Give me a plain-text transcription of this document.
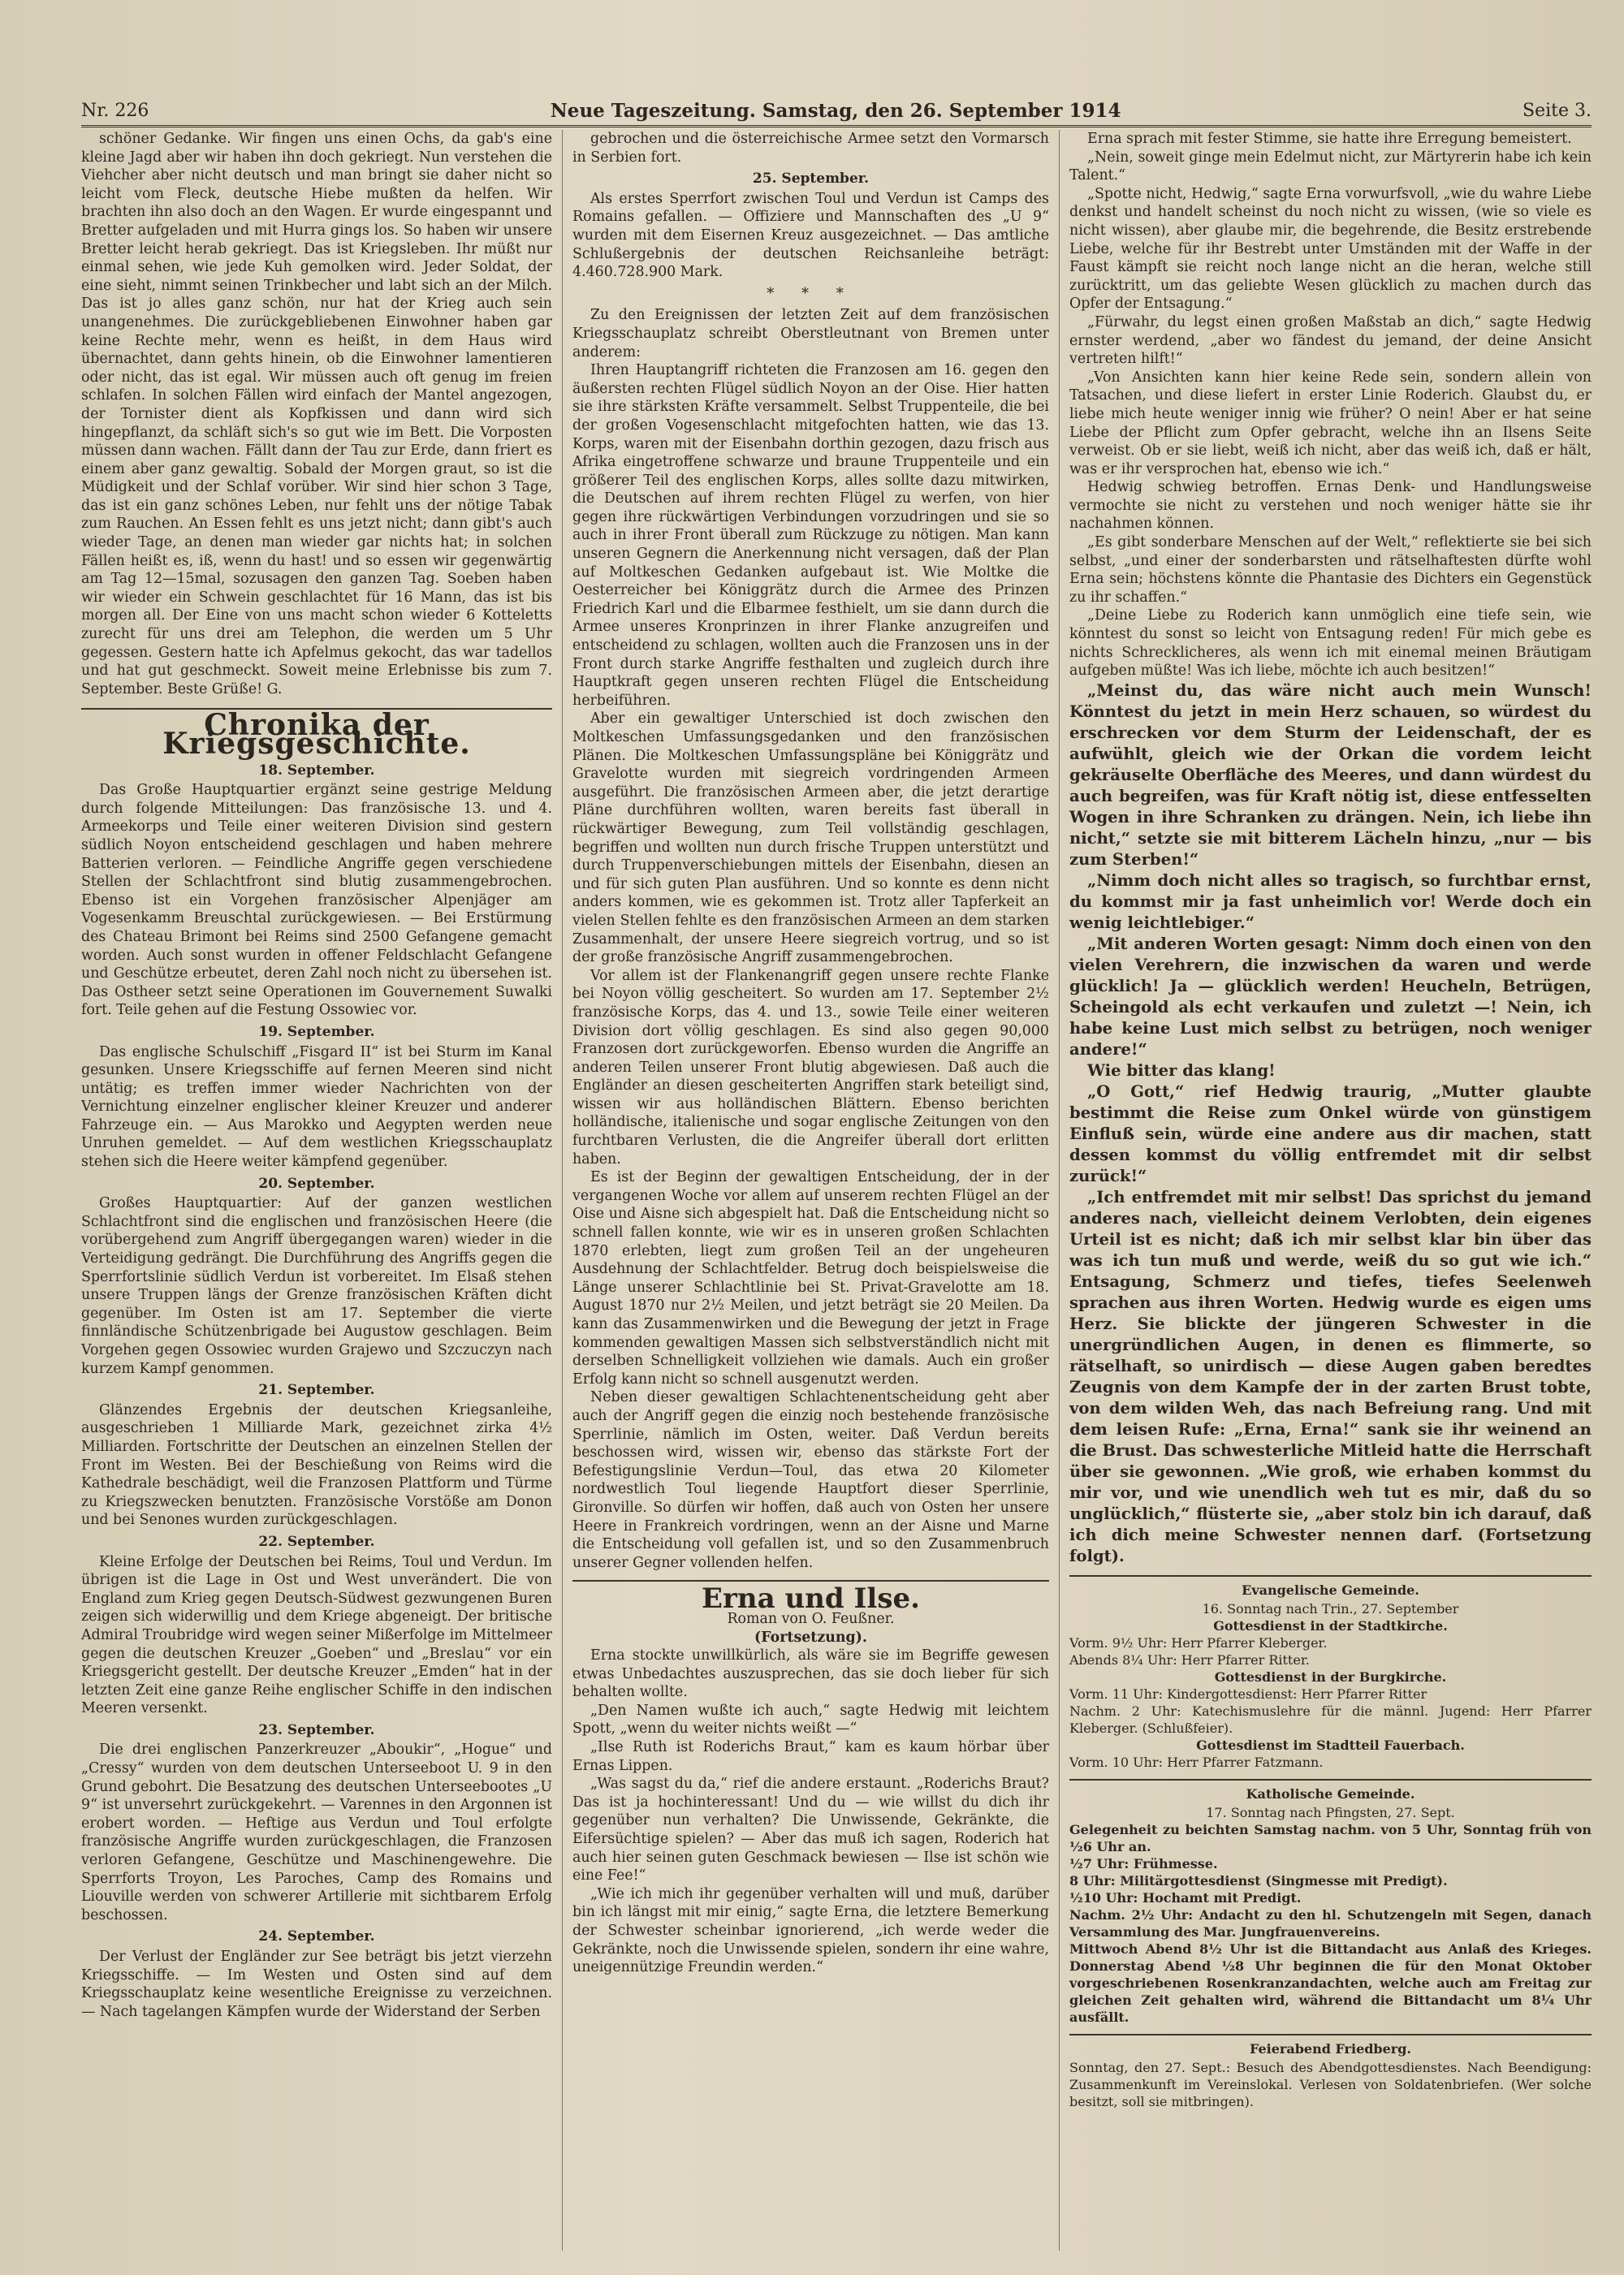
Nr. 226	Neue Tageszeitung. Samstag, den 26. September 1914	Seite 3.

schöner Gedanke. Wir fingen uns einen Ochs, da gab's eine kleine Jagd aber wir haben ihn doch gekriegt. Nun verstehen die Viehcher aber nicht deutsch und man bringt sie daher nicht so leicht vom Fleck, deutsche Hiebe mußten da helfen. Wir brachten ihn also doch an den Wagen. Er wurde eingespannt und Bretter aufgeladen und mit Hurra gings los. So haben wir unsere Bretter leicht herab gekriegt. Das ist Kriegsleben. Ihr müßt nur einmal sehen, wie jede Kuh gemolken wird. Jeder Soldat, der eine sieht, nimmt seinen Trinkbecher und labt sich an der Milch. Das ist jo alles ganz schön, nur hat der Krieg auch sein unangenehmes. Die zurückgebliebenen Einwohner haben gar keine Rechte mehr, wenn es heißt, in dem Haus wird übernachtet, dann gehts hinein, ob die Einwohner lamentieren oder nicht, das ist egal. Wir müssen auch oft genug im freien schlafen. In solchen Fällen wird einfach der Mantel angezogen, der Tornister dient als Kopfkissen und dann wird sich hingepflanzt, da schläft sich's so gut wie im Bett. Die Vorposten müssen dann wachen. Fällt dann der Tau zur Erde, dann friert es einem aber ganz gewaltig. Sobald der Morgen graut, so ist die Müdigkeit und der Schlaf vorüber. Wir sind hier schon 3 Tage, das ist ein ganz schönes Leben, nur fehlt uns der nötige Tabak zum Rauchen. An Essen fehlt es uns jetzt nicht; dann gibt's auch wieder Tage, an denen man wieder gar nichts hat; in solchen Fällen heißt es, iß, wenn du hast! und so essen wir gegenwärtig am Tag 12—15mal, sozusagen den ganzen Tag. Soeben haben wir wieder ein Schwein geschlachtet für 16 Mann, das ist bis morgen all. Der Eine von uns macht schon wieder 6 Kotteletts zurecht für uns drei am Telephon, die werden um 5 Uhr gegessen. Gestern hatte ich Apfelmus gekocht, das war tadellos und hat gut geschmeckt. Soweit meine Erlebnisse bis zum 7. September. Beste Grüße! G.

Chronika der Kriegsgeschichte.
18. September.

Das Große Hauptquartier ergänzt seine gestrige Meldung durch folgende Mitteilungen: Das französische 13. und 4. Armeekorps und Teile einer weiteren Division sind gestern südlich Noyon entscheidend geschlagen und haben mehrere Batterien verloren. — Feindliche Angriffe gegen verschiedene Stellen der Schlachtfront sind blutig zusammengebrochen. Ebenso ist ein Vorgehen französischer Alpenjäger am Vogesenkamm Breuschtal zurückgewiesen. — Bei Erstürmung des Chateau Brimont bei Reims sind 2500 Gefangene gemacht worden. Auch sonst wurden in offener Feldschlacht Gefangene und Geschütze erbeutet, deren Zahl noch nicht zu übersehen ist. Das Ostheer setzt seine Operationen im Gouvernement Suwalki fort. Teile gehen auf die Festung Ossowiec vor.

19. September.

Das englische Schulschiff „Fisgard II“ ist bei Sturm im Kanal gesunken. Unsere Kriegsschiffe auf fernen Meeren sind nicht untätig; es treffen immer wieder Nachrichten von der Vernichtung einzelner englischer kleiner Kreuzer und anderer Fahrzeuge ein. — Aus Marokko und Aegypten werden neue Unruhen gemeldet. — Auf dem westlichen Kriegsschauplatz stehen sich die Heere weiter kämpfend gegenüber.

20. September.

Großes Hauptquartier: Auf der ganzen westlichen Schlachtfront sind die englischen und französischen Heere (die vorübergehend zum Angriff übergegangen waren) wieder in die Verteidigung gedrängt. Die Durchführung des Angriffs gegen die Sperrfortslinie südlich Verdun ist vorbereitet. Im Elsaß stehen unsere Truppen längs der Grenze französischen Kräften dicht gegenüber. Im Osten ist am 17. September die vierte finnländische Schützenbrigade bei Augustow geschlagen. Beim Vorgehen gegen Ossowiec wurden Grajewo und Szczuczyn nach kurzem Kampf genommen.

21. September.

Glänzendes Ergebnis der deutschen Kriegsanleihe, ausgeschrieben 1 Milliarde Mark, gezeichnet zirka 4½ Milliarden. Fortschritte der Deutschen an einzelnen Stellen der Front im Westen. Bei der Beschießung von Reims wird die Kathedrale beschädigt, weil die Franzosen Plattform und Türme zu Kriegszwecken benutzten. Französische Vorstöße am Donon und bei Senones wurden zurückgeschlagen.

22. September.

Kleine Erfolge der Deutschen bei Reims, Toul und Verdun. Im übrigen ist die Lage in Ost und West unverändert. Die von England zum Krieg gegen Deutsch-Südwest gezwungenen Buren zeigen sich widerwillig und dem Kriege abgeneigt. Der britische Admiral Troubridge wird wegen seiner Mißerfolge im Mittelmeer gegen die deutschen Kreuzer „Goeben“ und „Breslau“ vor ein Kriegsgericht gestellt. Der deutsche Kreuzer „Emden“ hat in der letzten Zeit eine ganze Reihe englischer Schiffe in den indischen Meeren versenkt.

23. September.

Die drei englischen Panzerkreuzer „Aboukir“, „Hogue“ und „Cressy“ wurden von dem deutschen Unterseeboot U. 9 in den Grund gebohrt. Die Besatzung des deutschen Unterseebootes „U 9“ ist unversehrt zurückgekehrt. — Varennes in den Argonnen ist erobert worden. — Heftige aus Verdun und Toul erfolgte französische Angriffe wurden zurückgeschlagen, die Franzosen verloren Gefangene, Geschütze und Maschinengewehre. Die Sperrforts Troyon, Les Paroches, Camp des Romains und Liouville werden von schwerer Artillerie mit sichtbarem Erfolg beschossen.

24. September.

Der Verlust der Engländer zur See beträgt bis jetzt vierzehn Kriegsschiffe. — Im Westen und Osten sind auf dem Kriegsschauplatz keine wesentliche Ereignisse zu verzeichnen. — Nach tagelangen Kämpfen wurde der Widerstand der Serben

gebrochen und die österreichische Armee setzt den Vormarsch in Serbien fort.

25. September.

Als erstes Sperrfort zwischen Toul und Verdun ist Camps des Romains gefallen. — Offiziere und Mannschaften des „U 9“ wurden mit dem Eisernen Kreuz ausgezeichnet. — Das amtliche Schlußergebnis der deutschen Reichsanleihe beträgt: 4.460.728.900 Mark.

* * *

Zu den Ereignissen der letzten Zeit auf dem französischen Kriegsschauplatz schreibt Oberstleutnant von Bremen unter anderem:

Ihren Hauptangriff richteten die Franzosen am 16. gegen den äußersten rechten Flügel südlich Noyon an der Oise. Hier hatten sie ihre stärksten Kräfte versammelt. Selbst Truppenteile, die bei der großen Vogesenschlacht mitgefochten hatten, wie das 13. Korps, waren mit der Eisenbahn dorthin gezogen, dazu frisch aus Afrika eingetroffene schwarze und braune Truppenteile und ein größerer Teil des englischen Korps, alles sollte dazu mitwirken, die Deutschen auf ihrem rechten Flügel zu werfen, von hier gegen ihre rückwärtigen Verbindungen vorzudringen und sie so auch in ihrer Front überall zum Rückzuge zu nötigen. Man kann unseren Gegnern die Anerkennung nicht versagen, daß der Plan auf Moltkeschen Gedanken aufgebaut ist. Wie Moltke die Oesterreicher bei Königgrätz durch die Armee des Prinzen Friedrich Karl und die Elbarmee festhielt, um sie dann durch die Armee unseres Kronprinzen in ihrer Flanke anzugreifen und entscheidend zu schlagen, wollten auch die Franzosen uns in der Front durch starke Angriffe festhalten und zugleich durch ihre Hauptkraft gegen unseren rechten Flügel die Entscheidung herbeiführen.

Aber ein gewaltiger Unterschied ist doch zwischen den Moltkeschen Umfassungsgedanken und den französischen Plänen. Die Moltkeschen Umfassungspläne bei Königgrätz und Gravelotte wurden mit siegreich vordringenden Armeen ausgeführt. Die französischen Armeen aber, die jetzt derartige Pläne durchführen wollten, waren bereits fast überall in rückwärtiger Bewegung, zum Teil vollständig geschlagen, begriffen und wollten nun durch frische Truppen unterstützt und durch Truppenverschiebungen mittels der Eisenbahn, diesen an und für sich guten Plan ausführen. Und so konnte es denn nicht anders kommen, wie es gekommen ist. Trotz aller Tapferkeit an vielen Stellen fehlte es den französischen Armeen an dem starken Zusammenhalt, der unsere Heere siegreich vortrug, und so ist der große französische Angriff zusammengebrochen.

Vor allem ist der Flankenangriff gegen unsere rechte Flanke bei Noyon völlig gescheitert. So wurden am 17. September 2½ französische Korps, das 4. und 13., sowie Teile einer weiteren Division dort völlig geschlagen. Es sind also gegen 90,000 Franzosen dort zurückgeworfen. Ebenso wurden die Angriffe an anderen Teilen unserer Front blutig abgewiesen. Daß auch die Engländer an diesen gescheiterten Angriffen stark beteiligt sind, wissen wir aus holländischen Blättern. Ebenso berichten holländische, italienische und sogar englische Zeitungen von den furchtbaren Verlusten, die die Angreifer überall dort erlitten haben.

Es ist der Beginn der gewaltigen Entscheidung, der in der vergangenen Woche vor allem auf unserem rechten Flügel an der Oise und Aisne sich abgespielt hat. Daß die Entscheidung nicht so schnell fallen konnte, wie wir es in unseren großen Schlachten 1870 erlebten, liegt zum großen Teil an der ungeheuren Ausdehnung der Schlachtfelder. Betrug doch beispielsweise die Länge unserer Schlachtlinie bei St. Privat-Gravelotte am 18. August 1870 nur 2½ Meilen, und jetzt beträgt sie 20 Meilen. Da kann das Zusammenwirken und die Bewegung der jetzt in Frage kommenden gewaltigen Massen sich selbstverständlich nicht mit derselben Schnelligkeit vollziehen wie damals. Auch ein großer Erfolg kann nicht so schnell ausgenutzt werden.

Neben dieser gewaltigen Schlachtenentscheidung geht aber auch der Angriff gegen die einzig noch bestehende französische Sperrlinie, nämlich im Osten, weiter. Daß Verdun bereits beschossen wird, wissen wir, ebenso das stärkste Fort der Befestigungslinie Verdun—Toul, das etwa 20 Kilometer nordwestlich Toul liegende Hauptfort dieser Sperrlinie, Gironville. So dürfen wir hoffen, daß auch von Osten her unsere Heere in Frankreich vordringen, wenn an der Aisne und Marne die Entscheidung voll gefallen ist, und so den Zusammenbruch unserer Gegner vollenden helfen.

Erna und Ilse.

Roman von O. Feußner.

(Fortsetzung).

Erna stockte unwillkürlich, als wäre sie im Begriffe gewesen etwas Unbedachtes auszusprechen, das sie doch lieber für sich behalten wollte.

„Den Namen wußte ich auch,“ sagte Hedwig mit leichtem Spott, „wenn du weiter nichts weißt —“

„Ilse Ruth ist Roderichs Braut,“ kam es kaum hörbar über Ernas Lippen.

„Was sagst du da,“ rief die andere erstaunt. „Roderichs Braut? Das ist ja hochinteressant! Und du — wie willst du dich ihr gegenüber nun verhalten? Die Unwissende, Gekränkte, die Eifersüchtige spielen? — Aber das muß ich sagen, Roderich hat auch hier seinen guten Geschmack bewiesen — Ilse ist schön wie eine Fee!“

„Wie ich mich ihr gegenüber verhalten will und muß, darüber bin ich längst mit mir einig,“ sagte Erna, die letztere Bemerkung der Schwester scheinbar ignorierend, „ich werde weder die Gekränkte, noch die Unwissende spielen, sondern ihr eine wahre, uneigennützige Freundin werden.“

Erna sprach mit fester Stimme, sie hatte ihre Erregung bemeistert.

„Nein, soweit ginge mein Edelmut nicht, zur Märtyrerin habe ich kein Talent.“

„Spotte nicht, Hedwig,“ sagte Erna vorwurfsvoll, „wie du wahre Liebe denkst und handelt scheinst du noch nicht zu wissen, (wie so viele es nicht wissen), aber glaube mir, die begehrende, die Besitz erstrebende Liebe, welche für ihr Bestrebt unter Umständen mit der Waffe in der Faust kämpft sie reicht noch lange nicht an die heran, welche still zurücktritt, um das geliebte Wesen glücklich zu machen durch das Opfer der Entsagung.“

„Fürwahr, du legst einen großen Maßstab an dich,“ sagte Hedwig ernster werdend, „aber wo fändest du jemand, der deine Ansicht vertreten hilft!“

„Von Ansichten kann hier keine Rede sein, sondern allein von Tatsachen, und diese liefert in erster Linie Roderich. Glaubst du, er liebe mich heute weniger innig wie früher? O nein! Aber er hat seine Liebe der Pflicht zum Opfer gebracht, welche ihn an Ilsens Seite verweist. Ob er sie liebt, weiß ich nicht, aber das weiß ich, daß er hält, was er ihr versprochen hat, ebenso wie ich.“

Hedwig schwieg betroffen. Ernas Denk- und Handlungsweise vermochte sie nicht zu verstehen und noch weniger hätte sie ihr nachahmen können.

„Es gibt sonderbare Menschen auf der Welt,“ reflektierte sie bei sich selbst, „und einer der sonderbarsten und rätselhaftesten dürfte wohl Erna sein; höchstens könnte die Phantasie des Dichters ein Gegenstück zu ihr schaffen.“

„Deine Liebe zu Roderich kann unmöglich eine tiefe sein, wie könntest du sonst so leicht von Entsagung reden! Für mich gebe es nichts Schrecklicheres, als wenn ich mit einemal meinen Bräutigam aufgeben müßte! Was ich liebe, möchte ich auch besitzen!“

„Meinst du, das wäre nicht auch mein Wunsch! Könntest du jetzt in mein Herz schauen, so würdest du erschrecken vor dem Sturm der Leidenschaft, der es aufwühlt, gleich wie der Orkan die vordem leicht gekräuselte Oberfläche des Meeres, und dann würdest du auch begreifen, was für Kraft nötig ist, diese entfesselten Wogen in ihre Schranken zu drängen. Nein, ich liebe ihn nicht,“ setzte sie mit bitterem Lächeln hinzu, „nur — bis zum Sterben!“

„Nimm doch nicht alles so tragisch, so furchtbar ernst, du kommst mir ja fast unheimlich vor! Werde doch ein wenig leichtlebiger.“

„Mit anderen Worten gesagt: Nimm doch einen von den vielen Verehrern, die inzwischen da waren und werde glücklich! Ja — glücklich werden! Heucheln, Betrügen, Scheingold als echt verkaufen und zuletzt —! Nein, ich habe keine Lust mich selbst zu betrügen, noch weniger andere!“

Wie bitter das klang!

„O Gott,“ rief Hedwig traurig, „Mutter glaubte bestimmt die Reise zum Onkel würde von günstigem Einfluß sein, würde eine andere aus dir machen, statt dessen kommst du völlig entfremdet mit dir selbst zurück!“

„Ich entfremdet mit mir selbst! Das sprichst du jemand anderes nach, vielleicht deinem Verlobten, dein eigenes Urteil ist es nicht; daß ich mir selbst klar bin über das was ich tun muß und werde, weiß du so gut wie ich.“ Entsagung, Schmerz und tiefes, tiefes Seelenweh sprachen aus ihren Worten. Hedwig wurde es eigen ums Herz. Sie blickte der jüngeren Schwester in die unergründlichen Augen, in denen es flimmerte, so rätselhaft, so unirdisch — diese Augen gaben beredtes Zeugnis von dem Kampfe der in der zarten Brust tobte, von dem wilden Weh, das nach Befreiung rang. Und mit dem leisen Rufe: „Erna, Erna!“ sank sie ihr weinend an die Brust. Das schwesterliche Mitleid hatte die Herrschaft über sie gewonnen. „Wie groß, wie erhaben kommst du mir vor, und wie unendlich weh tut es mir, daß du so unglücklich,“ flüsterte sie, „aber stolz bin ich darauf, daß ich dich meine Schwester nennen darf. (Fortsetzung folgt).

Evangelische Gemeinde.

16. Sonntag nach Trin., 27. September

Gottesdienst in der Stadtkirche.

Vorm. 9½ Uhr: Herr Pfarrer Kleberger.

Abends 8¼ Uhr: Herr Pfarrer Ritter.

Gottesdienst in der Burgkirche.

Vorm. 11 Uhr: Kindergottesdienst: Herr Pfarrer Ritter

Nachm. 2 Uhr: Katechismuslehre für die männl. Jugend: Herr Pfarrer Kleberger. (Schlußfeier).

Gottesdienst im Stadtteil Fauerbach.

Vorm. 10 Uhr: Herr Pfarrer Fatzmann.

Katholische Gemeinde.

17. Sonntag nach Pfingsten, 27. Sept.

Gelegenheit zu beichten Samstag nachm. von 5 Uhr, Sonntag früh von ½6 Uhr an.

½7 Uhr: Frühmesse.

8 Uhr: Militärgottesdienst (Singmesse mit Predigt).

½10 Uhr: Hochamt mit Predigt.

Nachm. 2½ Uhr: Andacht zu den hl. Schutzengeln mit Segen, danach Versammlung des Mar. Jungfrauenvereins.

Mittwoch Abend 8½ Uhr ist die Bittandacht aus Anlaß des Krieges. Donnerstag Abend ½8 Uhr beginnen die für den Monat Oktober vorgeschriebenen Rosenkranzandachten, welche auch am Freitag zur gleichen Zeit gehalten wird, während die Bittandacht um 8¼ Uhr ausfällt.

Feierabend Friedberg.

Sonntag, den 27. Sept.: Besuch des Abendgottesdienstes. Nach Beendigung: Zusammenkunft im Vereinslokal. Verlesen von Soldatenbriefen. (Wer solche besitzt, soll sie mitbringen).
